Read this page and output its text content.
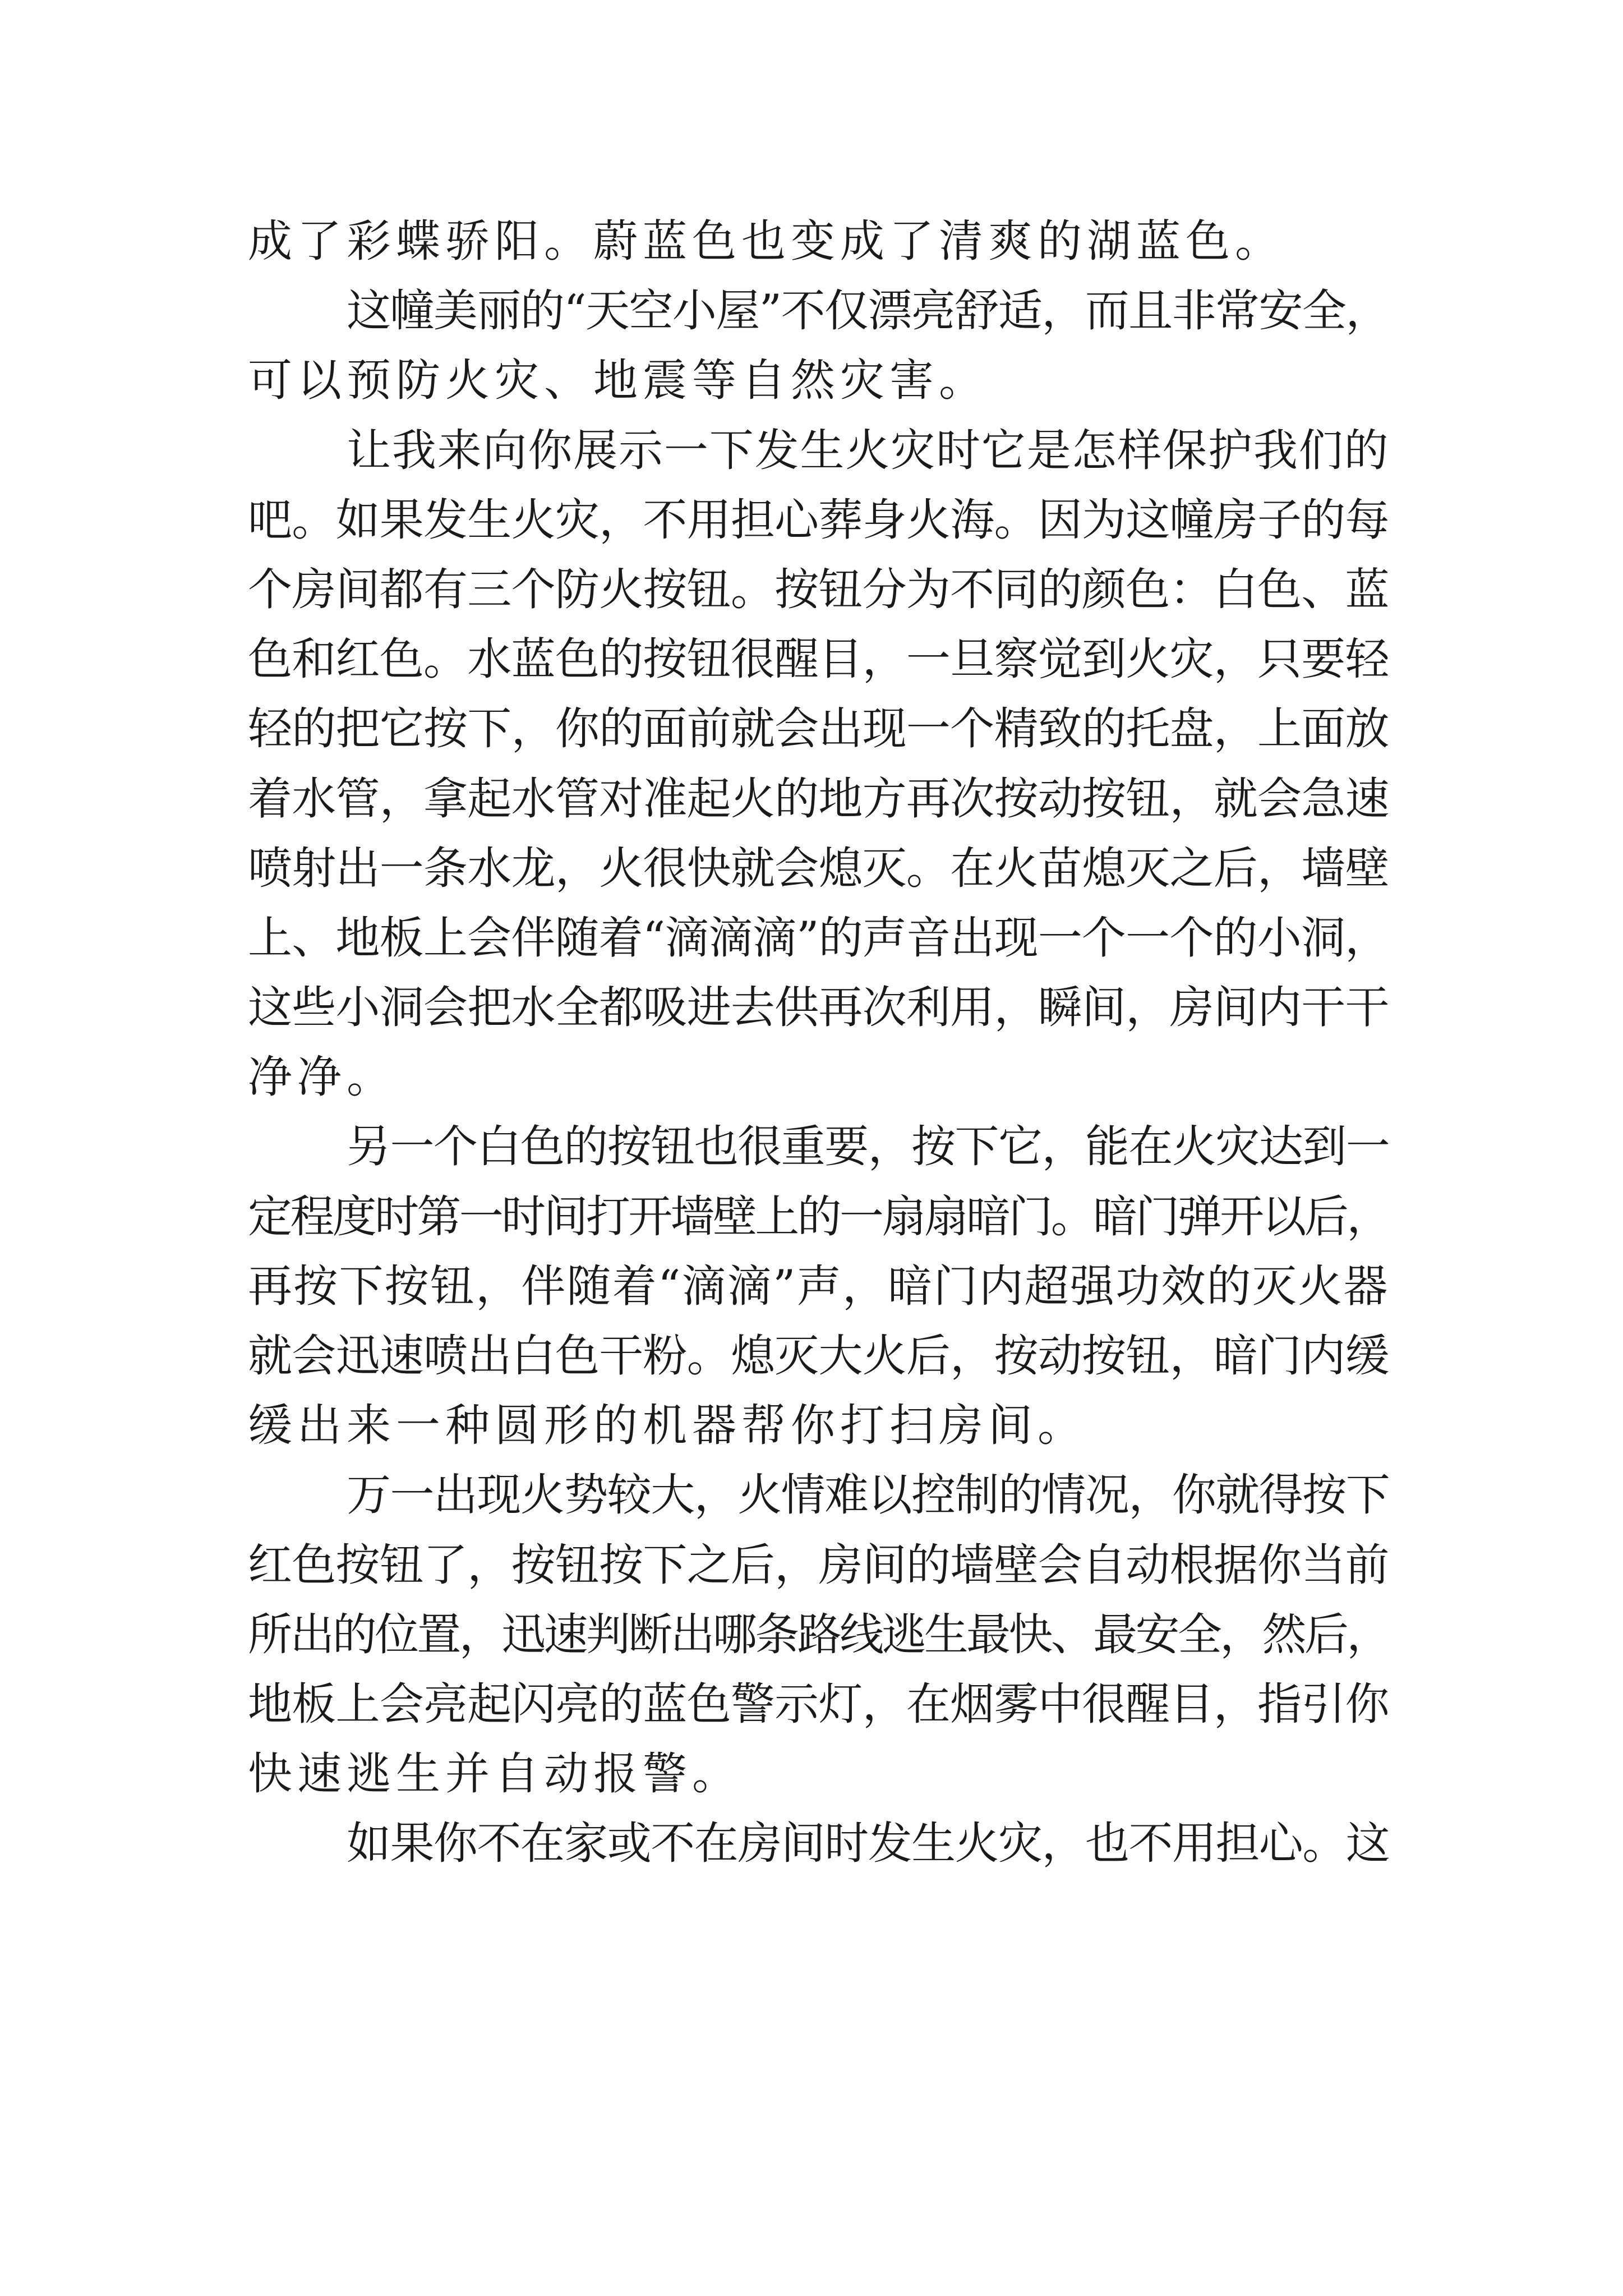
成了彩蝶骄阳。蔚蓝色也变成了清爽的湖蓝色。
这幢美丽的“天空小屋”不仅漂亮舒适，而且非常安全，
可以预防火灾、地震等自然灾害。
让我来向你展示一下发生火灾时它是怎样保护我们的
吧。如果发生火灾，不用担心葬身火海。因为这幢房子的每
个房间都有三个防火按钮。按钮分为不同的颜色：白色、蓝
色和红色。水蓝色的按钮很醒目，一旦察觉到火灾，只要轻
轻的把它按下，你的面前就会出现一个精致的托盘，上面放
着水管，拿起水管对准起火的地方再次按动按钮，就会急速
喷射出一条水龙，火很快就会熄灭。在火苗熄灭之后，墙壁
上、地板上会伴随着“滴滴滴”的声音出现一个一个的小洞，
这些小洞会把水全都吸进去供再次利用，瞬间，房间内干干
净净。
另一个白色的按钮也很重要，按下它，能在火灾达到一
定程度时第一时间打开墙壁上的一扇扇暗门。暗门弹开以后，
再按下按钮，伴随着“滴滴”声，暗门内超强功效的灭火器
就会迅速喷出白色干粉。熄灭大火后，按动按钮，暗门内缓
缓出来一种圆形的机器帮你打扫房间。
万一出现火势较大，火情难以控制的情况，你就得按下
红色按钮了，按钮按下之后，房间的墙壁会自动根据你当前
所出的位置，迅速判断出哪条路线逃生最快、最安全，然后，
地板上会亮起闪亮的蓝色警示灯，在烟雾中很醒目，指引你
快速逃生并自动报警。
如果你不在家或不在房间时发生火灾，也不用担心。这
